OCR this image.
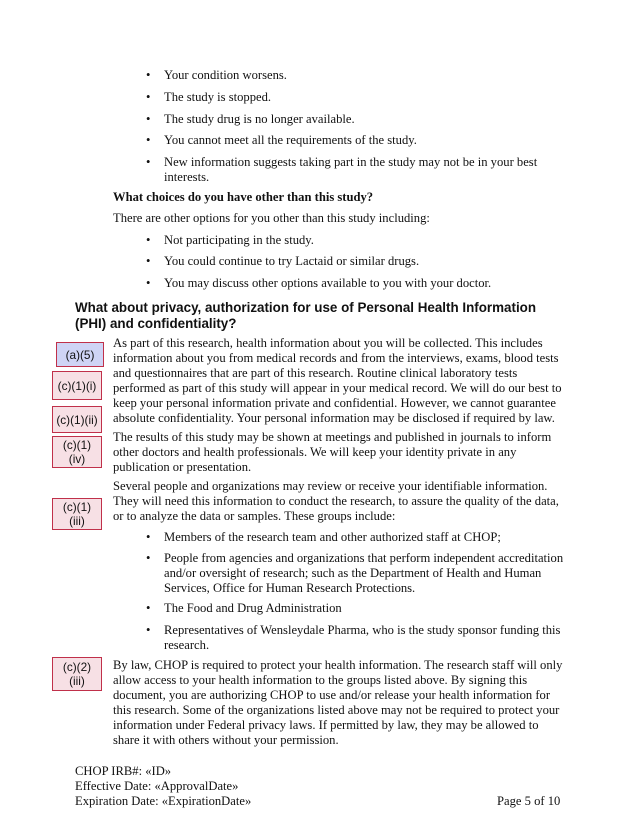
• Your condition worsens.
• The study is stopped.
• The study drug is no longer available.
• You cannot meet all the requirements of the study.
• New information suggests taking part in the study may not be in your best interests.
What choices do you have other than this study?
There are other options for you other than this study including:
• Not participating in the study.
• You could continue to try Lactaid or similar drugs.
• You may discuss other options available to you with your doctor.
What about privacy, authorization for use of Personal Health Information (PHI) and confidentiality?
As part of this research, health information about you will be collected. This includes information about you from medical records and from the interviews, exams, blood tests and questionnaires that are part of this research. Routine clinical laboratory tests performed as part of this study will appear in your medical record. We will do our best to keep your personal information private and confidential. However, we cannot guarantee absolute confidentiality. Your personal information may be disclosed if required by law.
The results of this study may be shown at meetings and published in journals to inform other doctors and health professionals. We will keep your identity private in any publication or presentation.
Several people and organizations may review or receive your identifiable information. They will need this information to conduct the research, to assure the quality of the data, or to analyze the data or samples. These groups include:
• Members of the research team and other authorized staff at CHOP;
• People from agencies and organizations that perform independent accreditation and/or oversight of research; such as the Department of Health and Human Services, Office for Human Research Protections.
• The Food and Drug Administration
• Representatives of Wensleydale Pharma, who is the study sponsor funding this research.
By law, CHOP is required to protect your health information. The research staff will only allow access to your health information to the groups listed above. By signing this document, you are authorizing CHOP to use and/or release your health information for this research. Some of the organizations listed above may not be required to protect your information under Federal privacy laws. If permitted by law, they may be allowed to share it with others without your permission.
(a)(5)
(c)(1)(i)
(c)(1)(ii)
(c)(1)
(iv)
(c)(1)
(iii)
(c)(2)
(iii)
CHOP IRB#: «ID»
Effective Date: «ApprovalDate»
Expiration Date: «ExpirationDate»	Page 5 of 10
